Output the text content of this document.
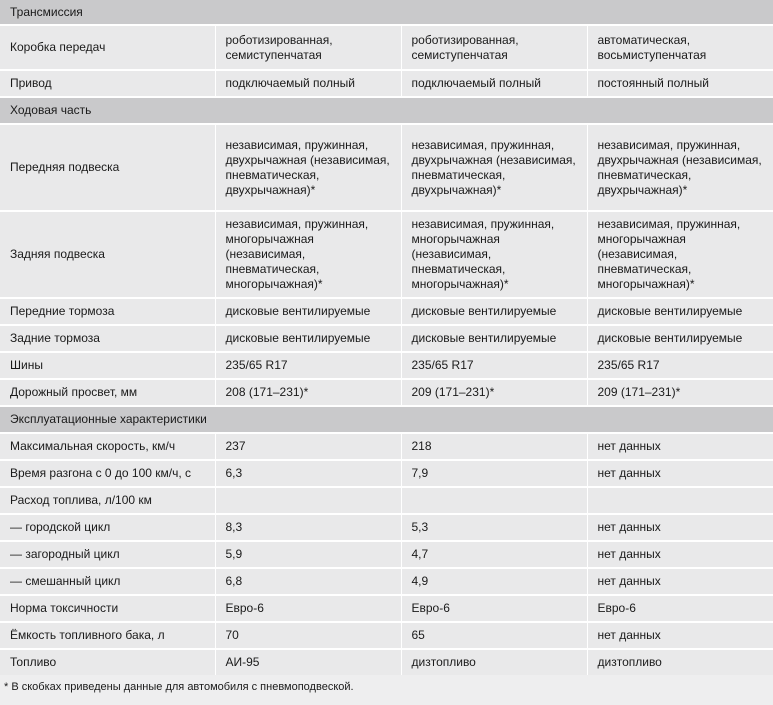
Трансмиссия			
Коробка передач	роботизированная, семиступенчатая	роботизированная, семиступенчатая	автоматическая, восьмиступенчатая
Привод	подключаемый полный	подключаемый полный	постоянный полный
Ходовая часть			
Передняя подвеска	независимая, пружинная, двухрычажная (независимая, пневматическая, двухрычажная)*	независимая, пружинная, двухрычажная (независимая, пневматическая, двухрычажная)*	независимая, пружинная, двухрычажная (независимая, пневматическая, двухрычажная)*
Задняя подвеска	независимая, пружинная, многорычажная (независимая, пневматическая, многорычажная)*	независимая, пружинная, многорычажная (независимая, пневматическая, многорычажная)*	независимая, пружинная, многорычажная (независимая, пневматическая, многорычажная)*
Передние тормоза	дисковые вентилируемые	дисковые вентилируемые	дисковые вентилируемые
Задние тормоза	дисковые вентилируемые	дисковые вентилируемые	дисковые вентилируемые
Шины	235/65 R17	235/65 R17	235/65 R17
Дорожный просвет, мм	208 (171–231)*	209 (171–231)*	209 (171–231)*
Эксплуатационные характеристики			
Максимальная скорость, км/ч	237	218	нет данных
Время разгона с 0 до 100 км/ч, с	6,3	7,9	нет данных
Расход топлива, л/100 км			
— городской цикл	8,3	5,3	нет данных
— загородный цикл	5,9	4,7	нет данных
— смешанный цикл	6,8	4,9	нет данных
Норма токсичности	Евро-6	Евро-6	Евро-6
Ёмкость топливного бака, л	70	65	нет данных
Топливо	АИ-95	дизтопливо	дизтопливо
* В скобках приведены данные для автомобиля с пневмоподвеской.
